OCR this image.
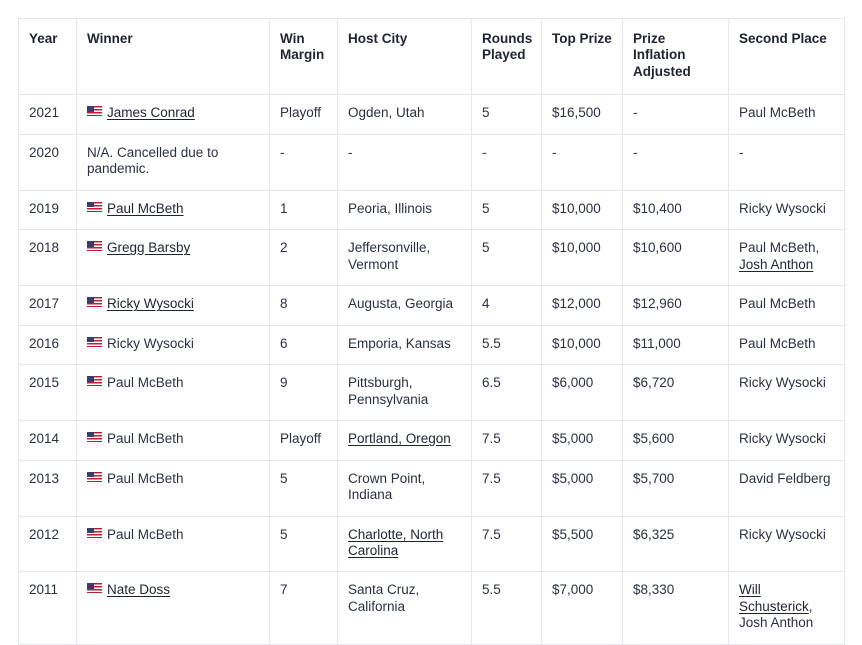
Year	Winner	Win Margin	Host City	Rounds Played	Top Prize	Prize Inflation Adjusted	Second Place
2021	James Conrad	Playoff	Ogden, Utah	5	$16,500	-	Paul McBeth
2020	N/A. Cancelled due to pandemic.	-	-	-	-	-	-
2019	Paul McBeth	1	Peoria, Illinois	5	$10,000	$10,400	Ricky Wysocki
2018	Gregg Barsby	2	Jeffersonville, Vermont	5	$10,000	$10,600	Paul McBeth, Josh Anthon
2017	Ricky Wysocki	8	Augusta, Georgia	4	$12,000	$12,960	Paul McBeth
2016	Ricky Wysocki	6	Emporia, Kansas	5.5	$10,000	$11,000	Paul McBeth
2015	Paul McBeth	9	Pittsburgh, Pennsylvania	6.5	$6,000	$6,720	Ricky Wysocki
2014	Paul McBeth	Playoff	Portland, Oregon	7.5	$5,000	$5,600	Ricky Wysocki
2013	Paul McBeth	5	Crown Point, Indiana	7.5	$5,000	$5,700	David Feldberg
2012	Paul McBeth	5	Charlotte, North Carolina	7.5	$5,500	$6,325	Ricky Wysocki
2011	Nate Doss	7	Santa Cruz, California	5.5	$7,000	$8,330	Will Schusterick, Josh Anthon
